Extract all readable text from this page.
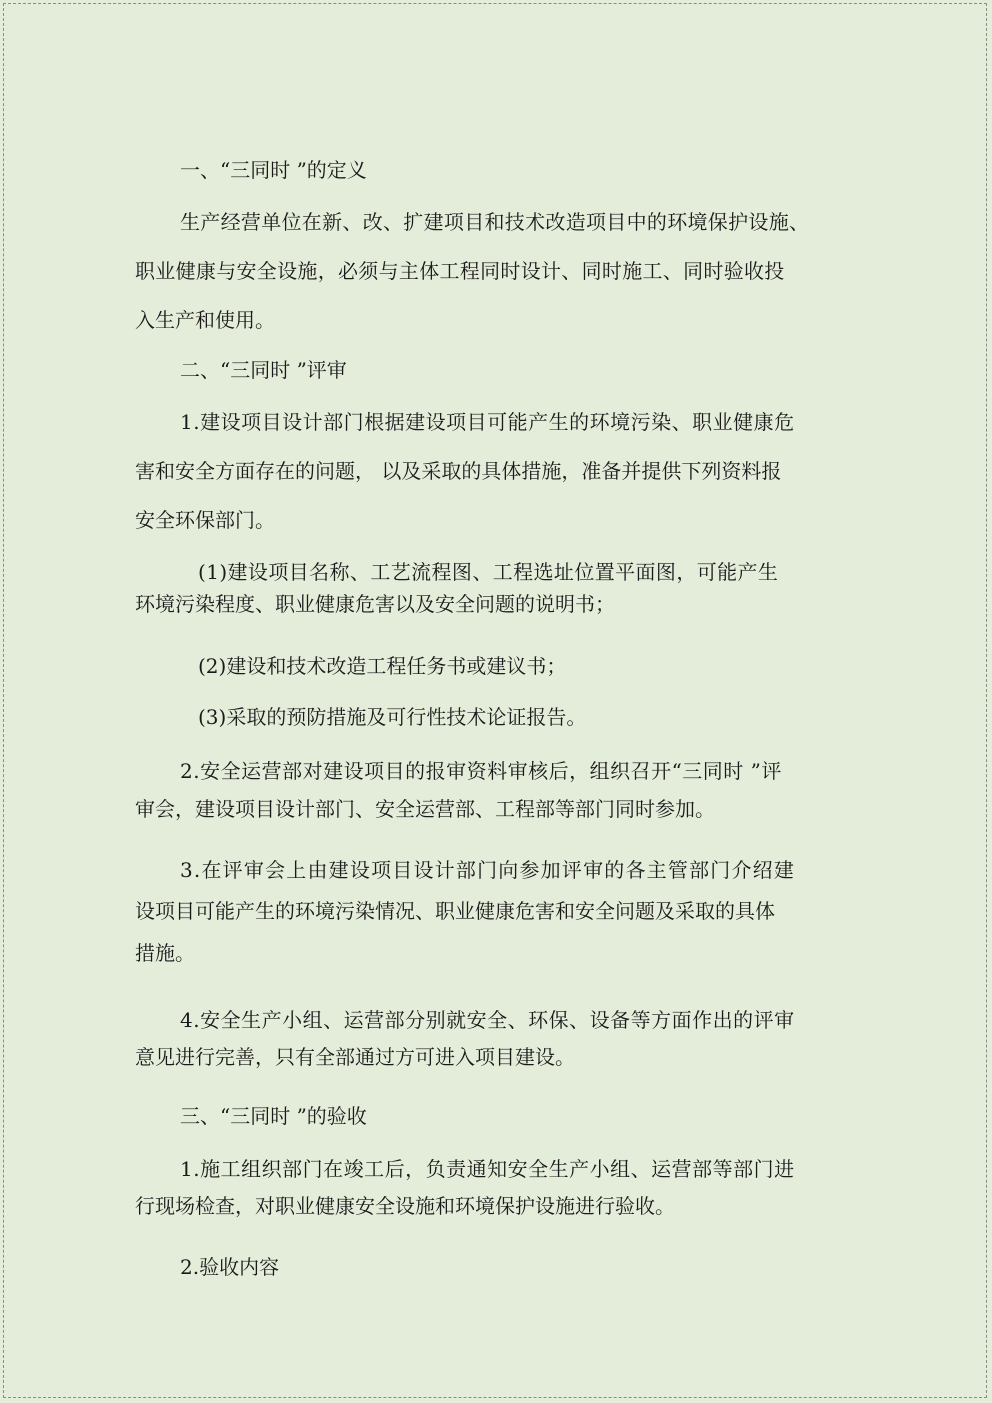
一、“三同时 ”的定义
生产经营单位在新、改、扩建项目和技术改造项目中的环境保护设施、
职业健康与安全设施，必须与主体工程同时设计、同时施工、同时验收投
入生产和使用。
二、“三同时 ”评审
1.建设项目设计部门根据建设项目可能产生的环境污染、职业健康危
害和安全方面存在的问题， 以及采取的具体措施，准备并提供下列资料报
安全环保部门。
(1)建设项目名称、工艺流程图、工程选址位置平面图，可能产生
环境污染程度、职业健康危害以及安全问题的说明书；
(2)建设和技术改造工程任务书或建议书；
(3)采取的预防措施及可行性技术论证报告。
2.安全运营部对建设项目的报审资料审核后，组织召开“三同时 ”评
审会，建设项目设计部门、安全运营部、工程部等部门同时参加。
3.在评审会上由建设项目设计部门向参加评审的各主管部门介绍建
设项目可能产生的环境污染情况、职业健康危害和安全问题及采取的具体
措施。
4.安全生产小组、运营部分别就安全、环保、设备等方面作出的评审
意见进行完善，只有全部通过方可进入项目建设。
三、“三同时 ”的验收
1.施工组织部门在竣工后，负责通知安全生产小组、运营部等部门进
行现场检查，对职业健康安全设施和环境保护设施进行验收。
2.验收内容
